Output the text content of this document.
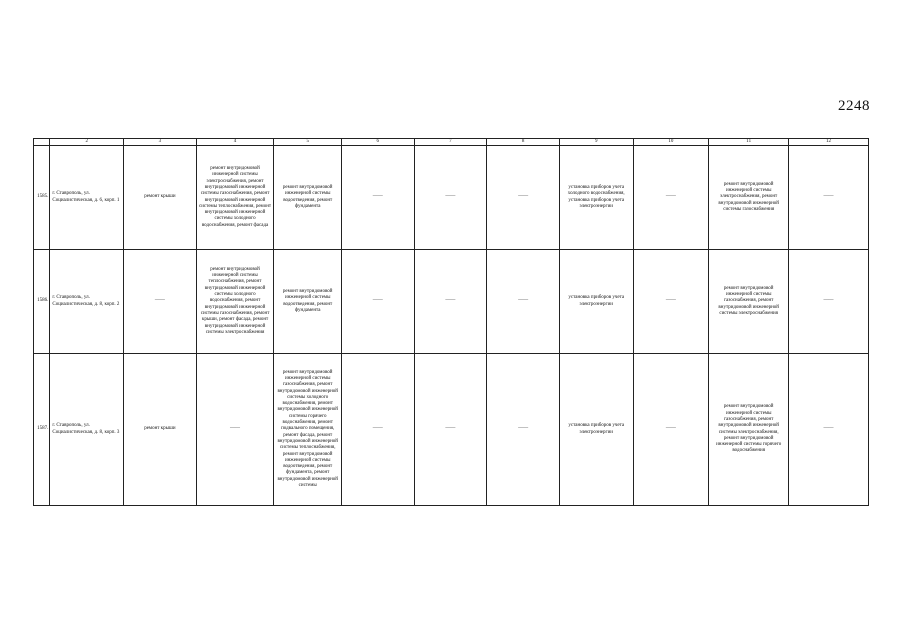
2248
	2	3	4	5	6	7	8	9	10	11	12
1585.	г. Ставрополь, ул. Социалистическая, д. 6, корп. 1	ремонт крыши	ремонт внутридомовой инженерной системы электроснабжения, ремонт внутридомовой инженерной системы газоснабжения, ремонт внутридомовой инженерной системы теплоснабжения, ремонт внутридомовой инженерной системы холодного водоснабжения, ремонт фасада	ремонт внутридомовой инженерной системы водоотведения, ремонт фундамента	——	——	——	установка приборов учета холодного водоснабжения, установка приборов учета электроэнергии	——	ремонт внутридомовой инженерной системы электроснабжения, ремонт внутридомовой инженерной системы газоснабжения	——
1586.	г. Ставрополь, ул. Социалистическая, д. 8, корп. 2	——	ремонт внутридомовой инженерной системы теплоснабжения, ремонт внутридомовой инженерной системы холодного водоснабжения, ремонт внутридомовой инженерной системы газоснабжения, ремонт крыши, ремонт фасада, ремонт внутридомовой инженерной системы электроснабжения	ремонт внутридомовой инженерной системы водоотведения, ремонт фундамента	——	——	——	установка приборов учета электроэнергии	——	ремонт внутридомовой инженерной системы газоснабжения, ремонт внутридомовой инженерной системы электроснабжения	——
1587.	г. Ставрополь, ул. Социалистическая, д. 8, корп. 3	ремонт крыши	——	ремонт внутридомовой инженерной системы газоснабжения, ремонт внутридомовой инженерной системы холодного водоснабжения, ремонт внутридомовой инженерной системы горячего водоснабжения, ремонт подвального помещения, ремонт фасада, ремонт внутридомовой инженерной системы теплоснабжения, ремонт внутридомовой инженерной системы водоотведения, ремонт фундамента, ремонт внутридомовой инженерной системы	——	——	——	установка приборов учета электроэнергии	——	ремонт внутридомовой инженерной системы газоснабжения, ремонт внутридомовой инженерной системы электроснабжения, ремонт внутридомовой инженерной системы горячего водоснабжения	——
